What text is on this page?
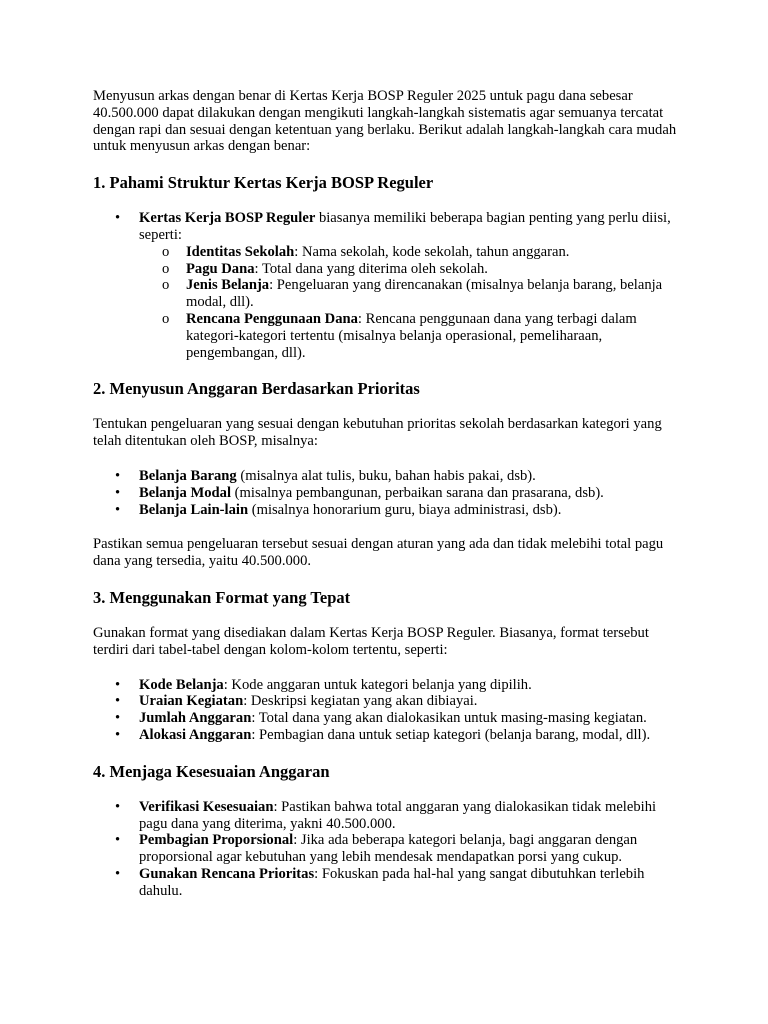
Menyusun arkas dengan benar di Kertas Kerja BOSP Reguler 2025 untuk pagu dana sebesar 40.500.000 dapat dilakukan dengan mengikuti langkah-langkah sistematis agar semuanya tercatat dengan rapi dan sesuai dengan ketentuan yang berlaku. Berikut adalah langkah-langkah cara mudah untuk menyusun arkas dengan benar:

1. Pahami Struktur Kertas Kerja BOSP Reguler
• Kertas Kerja BOSP Reguler biasanya memiliki beberapa bagian penting yang perlu diisi, seperti:
o Identitas Sekolah: Nama sekolah, kode sekolah, tahun anggaran.
o Pagu Dana: Total dana yang diterima oleh sekolah.
o Jenis Belanja: Pengeluaran yang direncanakan (misalnya belanja barang, belanja modal, dll).
o Rencana Penggunaan Dana: Rencana penggunaan dana yang terbagi dalam kategori-kategori tertentu (misalnya belanja operasional, pemeliharaan, pengembangan, dll).
2. Menyusun Anggaran Berdasarkan Prioritas

Tentukan pengeluaran yang sesuai dengan kebutuhan prioritas sekolah berdasarkan kategori yang telah ditentukan oleh BOSP, misalnya:

• Belanja Barang (misalnya alat tulis, buku, bahan habis pakai, dsb).
• Belanja Modal (misalnya pembangunan, perbaikan sarana dan prasarana, dsb).
• Belanja Lain-lain (misalnya honorarium guru, biaya administrasi, dsb).

Pastikan semua pengeluaran tersebut sesuai dengan aturan yang ada dan tidak melebihi total pagu dana yang tersedia, yaitu 40.500.000.

3. Menggunakan Format yang Tepat

Gunakan format yang disediakan dalam Kertas Kerja BOSP Reguler. Biasanya, format tersebut terdiri dari tabel-tabel dengan kolom-kolom tertentu, seperti:

• Kode Belanja: Kode anggaran untuk kategori belanja yang dipilih.
• Uraian Kegiatan: Deskripsi kegiatan yang akan dibiayai.
• Jumlah Anggaran: Total dana yang akan dialokasikan untuk masing-masing kegiatan.
• Alokasi Anggaran: Pembagian dana untuk setiap kategori (belanja barang, modal, dll).
4. Menjaga Kesesuaian Anggaran
• Verifikasi Kesesuaian: Pastikan bahwa total anggaran yang dialokasikan tidak melebihi pagu dana yang diterima, yakni 40.500.000.
• Pembagian Proporsional: Jika ada beberapa kategori belanja, bagi anggaran dengan proporsional agar kebutuhan yang lebih mendesak mendapatkan porsi yang cukup.
• Gunakan Rencana Prioritas: Fokuskan pada hal-hal yang sangat dibutuhkan terlebih dahulu.
